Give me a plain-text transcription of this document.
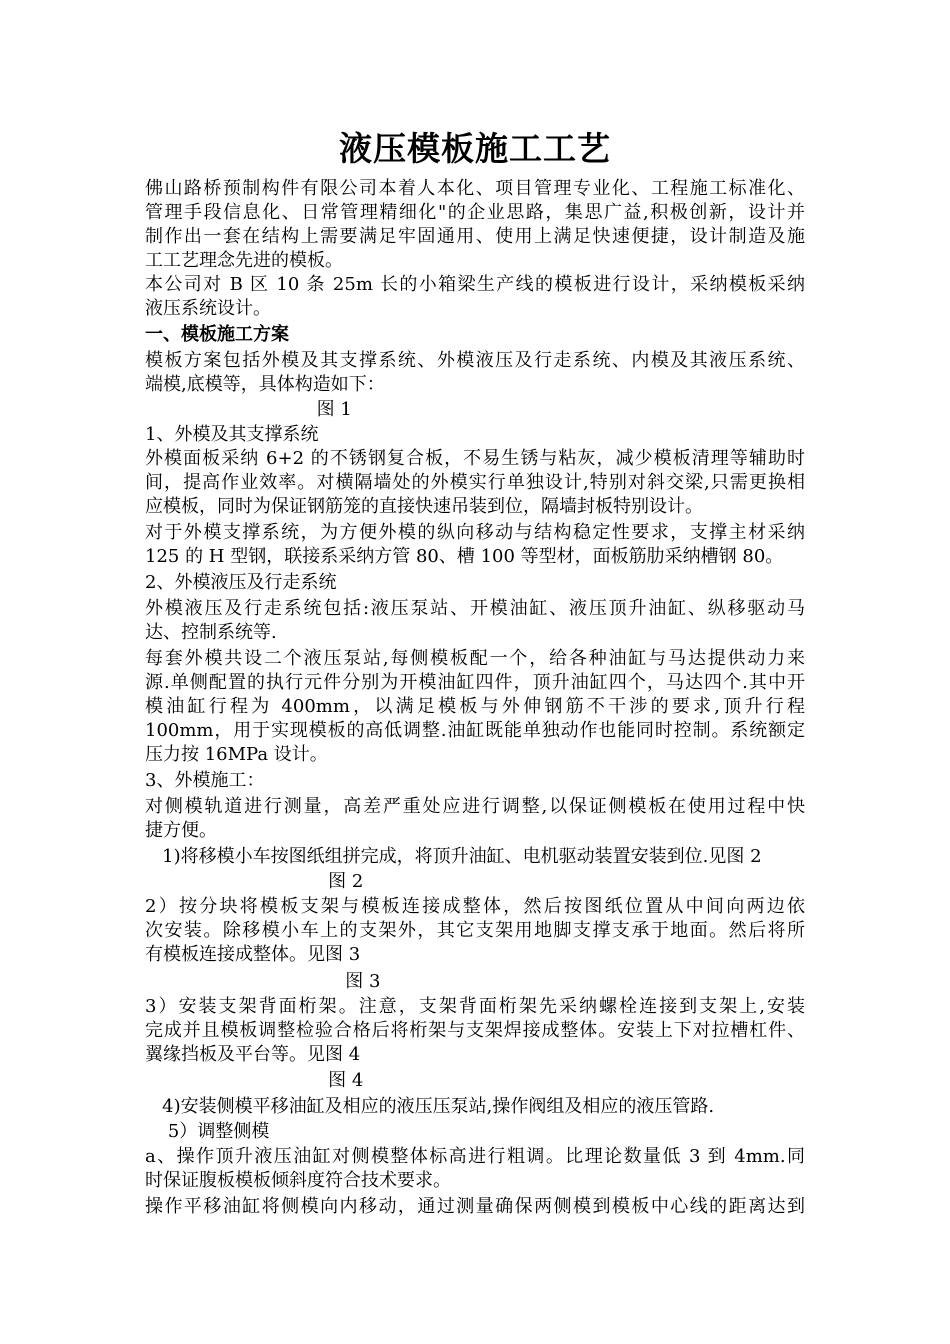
液压模板施工工艺
佛山路桥预制构件有限公司本着人本化、项目管理专业化、工程施工标准化、
管理手段信息化、日常管理精细化"的企业思路，集思广益,积极创新，设计并
制作出一套在结构上需要满足牢固通用、使用上满足快速便捷，设计制造及施
工工艺理念先进的模板。
本公司对 B 区 10 条 25m 长的小箱梁生产线的模板进行设计，采纳模板采纳
液压系统设计。
一、模板施工方案
模板方案包括外模及其支撑系统、外模液压及行走系统、内模及其液压系统、
端模,底模等，具体构造如下：
图 1
1、外模及其支撑系统
外模面板采纳 6+2 的不锈钢复合板，不易生锈与粘灰，减少模板清理等辅助时
间，提高作业效率。对横隔墙处的外模实行单独设计,特别对斜交梁,只需更换相
应模板，同时为保证钢筋笼的直接快速吊装到位，隔墙封板特别设计。
对于外模支撑系统，为方便外模的纵向移动与结构稳定性要求，支撑主材采纳
125 的 H 型钢，联接系采纳方管 80、槽 100 等型材，面板筋肋采纳槽钢 80。
2、外模液压及行走系统
外模液压及行走系统包括:液压泵站、开模油缸、液压顶升油缸、纵移驱动马
达、控制系统等.
每套外模共设二个液压泵站,每侧模板配一个，给各种油缸与马达提供动力来
源.单侧配置的执行元件分别为开模油缸四件，顶升油缸四个，马达四个.其中开
模油缸行程为 400mm，以满足模板与外伸钢筋不干涉的要求,顶升行程
100mm，用于实现模板的高低调整.油缸既能单独动作也能同时控制。系统额定
压力按 16MPa 设计。
3、外模施工：
对侧模轨道进行测量，高差严重处应进行调整,以保证侧模板在使用过程中快
捷方便。
1)将移模小车按图纸组拼完成，将顶升油缸、电机驱动装置安装到位.见图 2
图 2
2）按分块将模板支架与模板连接成整体，然后按图纸位置从中间向两边依
次安装。除移模小车上的支架外，其它支架用地脚支撑支承于地面。然后将所
有模板连接成整体。见图 3
图 3
3）安装支架背面桁架。注意，支架背面桁架先采纳螺栓连接到支架上,安装
完成并且模板调整检验合格后将桁架与支架焊接成整体。安装上下对拉槽杠件、
翼缘挡板及平台等。见图 4
图 4
4)安装侧模平移油缸及相应的液压压泵站,操作阀组及相应的液压管路.
5）调整侧模
a、操作顶升液压油缸对侧模整体标高进行粗调。比理论数量低 3 到 4mm.同
时保证腹板模板倾斜度符合技术要求。
操作平移油缸将侧模向内移动，通过测量确保两侧模到模板中心线的距离达到
